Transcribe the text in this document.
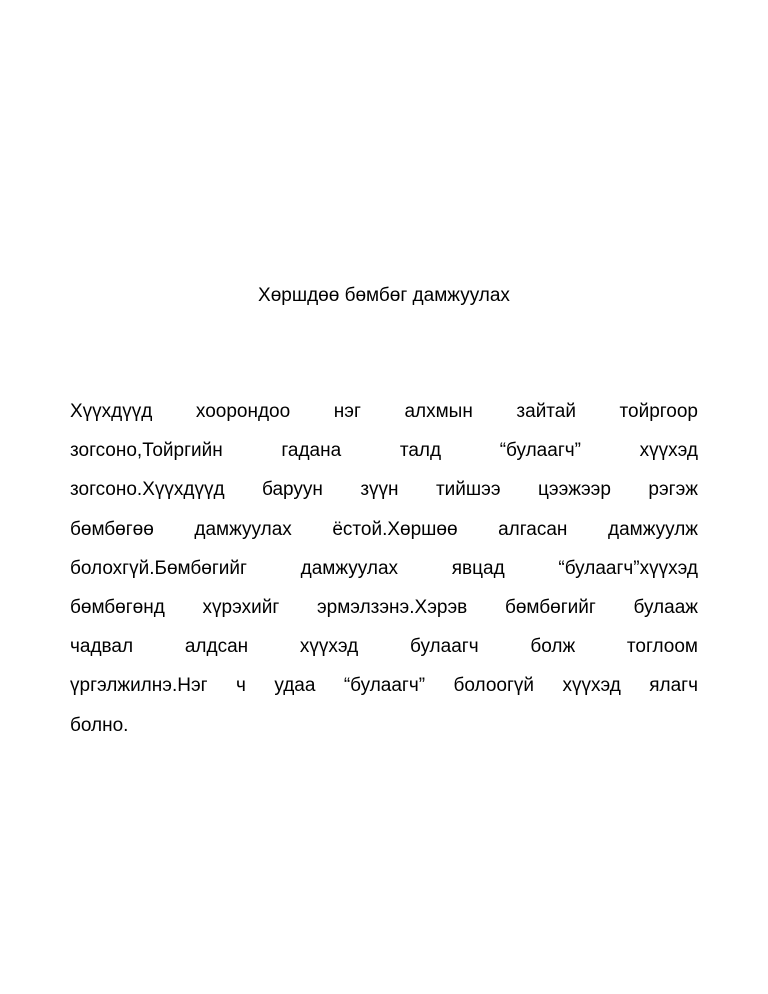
Хөршдөө бөмбөг дамжуулах
Хүүхдүүд хоорондоо нэг алхмын зайтай тойргоор
зогсоно,Тойргийн гадана талд “булаагч” хүүхэд
зогсоно.Хүүхдүүд баруун зүүн тийшээ цээжээр рэгэж
бөмбөгөө дамжуулах ёстой.Хөршөө алгасан дамжуулж
болохгүй.Бөмбөгийг дамжуулах явцад “булаагч”хүүхэд
бөмбөгөнд хүрэхийг эрмэлзэнэ.Хэрэв бөмбөгийг булааж
чадвал алдсан хүүхэд булаагч болж тоглоом
үргэлжилнэ.Нэг ч удаа “булаагч” болоогүй хүүхэд ялагч
болно.
